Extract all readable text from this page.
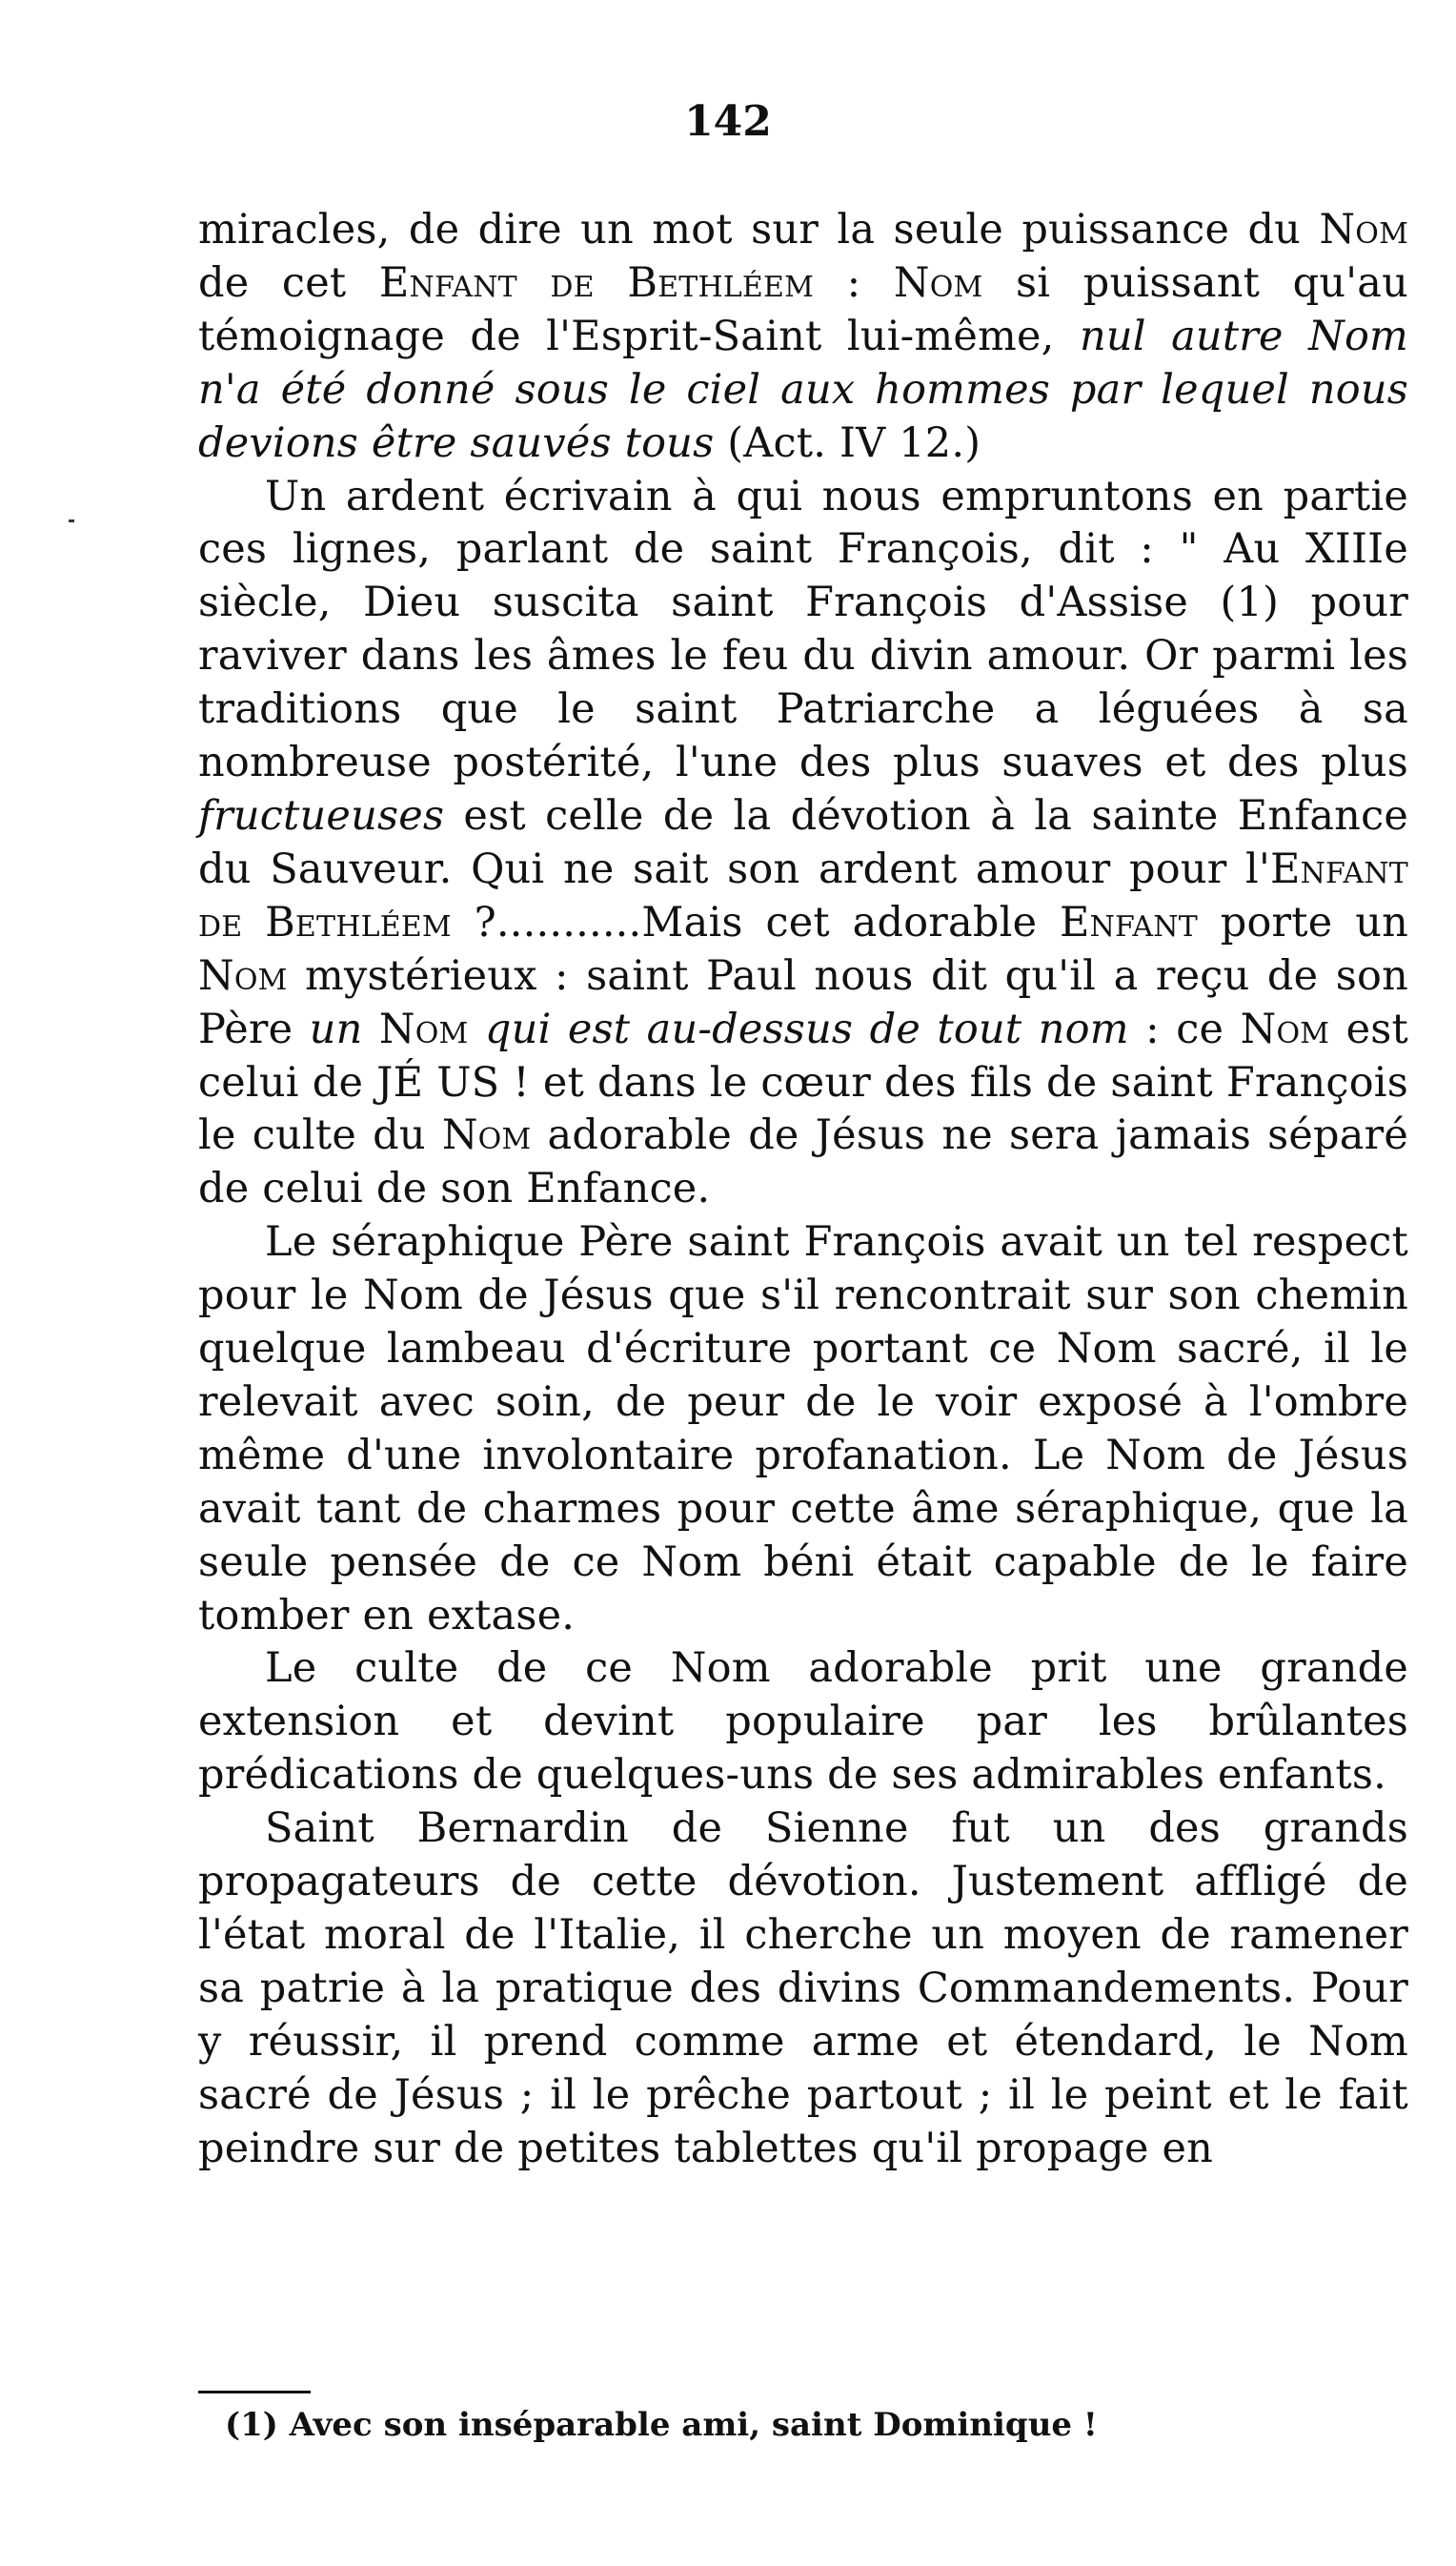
142

miracles, de dire un mot sur la seule puissance du Nom de cet Enfant de Bethléem : Nom si puissant qu'au témoignage de l'Esprit-Saint lui-même, nul autre Nom n'a été donné sous le ciel aux hommes par lequel nous devions être sauvés tous (Act. IV 12.)

Un ardent écrivain à qui nous empruntons en partie ces lignes, parlant de saint François, dit : " Au XIIIe siècle, Dieu suscita saint François d'Assise (1) pour raviver dans les âmes le feu du divin amour. Or parmi les traditions que le saint Patriarche a léguées à sa nombreuse postérité, l'une des plus suaves et des plus fructueuses est celle de la dévotion à la sainte Enfance du Sauveur. Qui ne sait son ardent amour pour l'Enfant de Bethléem ?...........Mais cet adorable Enfant porte un Nom mystérieux : saint Paul nous dit qu'il a reçu de son Père un Nom qui est au-dessus de tout nom : ce Nom est celui de JÉ US ! et dans le cœur des fils de saint François le culte du Nom adorable de Jésus ne sera jamais séparé de celui de son Enfance.

Le séraphique Père saint François avait un tel respect pour le Nom de Jésus que s'il rencontrait sur son chemin quelque lambeau d'écriture portant ce Nom sacré, il le relevait avec soin, de peur de le voir exposé à l'ombre même d'une involontaire profanation. Le Nom de Jésus avait tant de charmes pour cette âme séraphique, que la seule pensée de ce Nom béni était capable de le faire tomber en extase.

Le culte de ce Nom adorable prit une grande extension et devint populaire par les brûlantes prédications de quelques-uns de ses admirables enfants.

Saint Bernardin de Sienne fut un des grands propagateurs de cette dévotion. Justement affligé de l'état moral de l'Italie, il cherche un moyen de ramener sa patrie à la pratique des divins Commandements. Pour y réussir, il prend comme arme et étendard, le Nom sacré de Jésus ; il le prêche partout ; il le peint et le fait peindre sur de petites tablettes qu'il propage en

(1) Avec son inséparable ami, saint Dominique !
